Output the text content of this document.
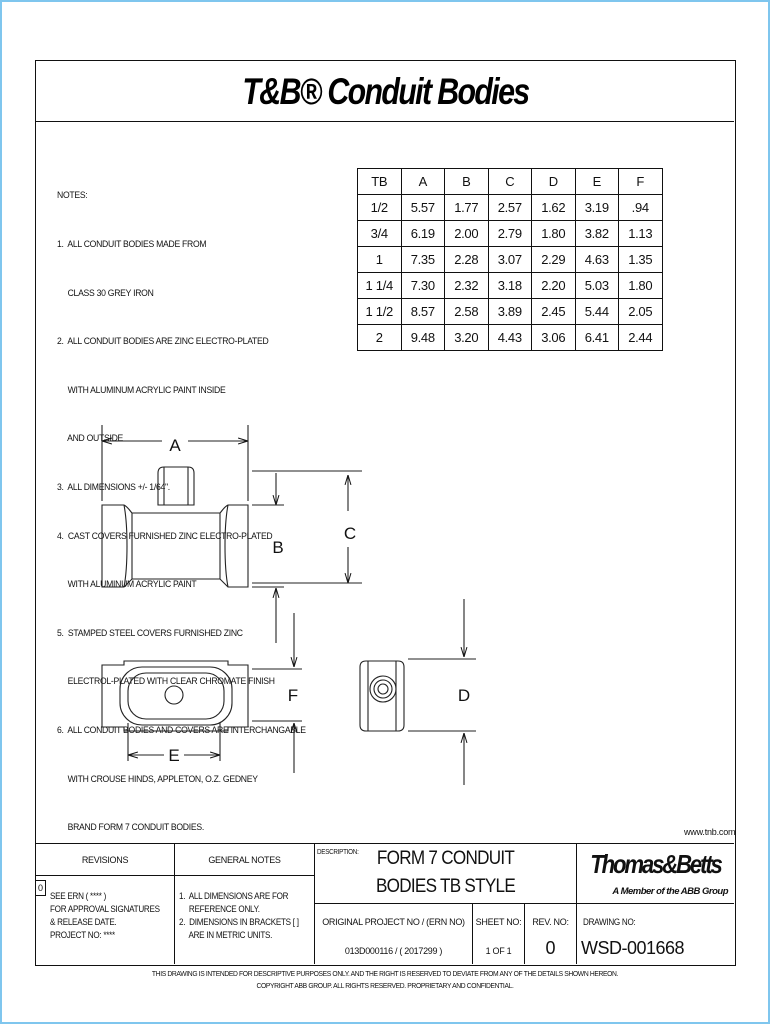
T&B® Conduit Bodies

NOTES:

1.  ALL CONDUIT BODIES MADE FROM

CLASS 30 GREY IRON

2.  ALL CONDUIT BODIES ARE ZINC ELECTRO-PLATED

WITH ALUMINUM ACRYLIC PAINT INSIDE

AND OUTSIDE

3.  ALL DIMENSIONS +/- 1/64".

4.  CAST COVERS FURNISHED ZINC ELECTRO-PLATED

WITH ALUMINUM ACRYLIC PAINT

5.  STAMPED STEEL COVERS FURNISHED ZINC

ELECTROL-PLATED WITH CLEAR CHROMATE FINISH

6.  ALL CONDUIT BODIES AND COVERS ARE INTERCHANGABLE

WITH CROUSE HINDS, APPLETON, O.Z. GEDNEY

BRAND FORM 7 CONDUIT BODIES.

TB	A	B	C	D	E	F
1/2	5.57	1.77	2.57	1.62	3.19	.94
3/4	6.19	2.00	2.79	1.80	3.82	1.13
1	7.35	2.28	3.07	2.29	4.63	1.35
1 1/4	7.30	2.32	3.18	2.20	5.03	1.80
1 1/2	8.57	2.58	3.89	2.45	5.44	2.05
2	9.48	3.20	4.43	3.06	6.41	2.44
A
B
C
D
E
F
www.tnb.com
REVISIONS	GENERAL NOTES
0
SEE ERN ( **** )
FOR APPROVAL SIGNATURES
& RELEASE DATE.
PROJECT NO: ****
1.  ALL DIMENSIONS ARE FOR
REFERENCE ONLY.
2.  DIMENSIONS IN BRACKETS [ ]
ARE IN METRIC UNITS.
DESCRIPTION: FORM 7 CONDUIT
BODIES TB STYLE
Thomas&Betts
A Member of the ABB Group
ORIGINAL PROJECT NO / (ERN NO)
013D000116 / ( 2017299 )
SHEET NO:
1 OF 1
REV. NO:
0
DRAWING NO:
WSD-001668
THIS DRAWING IS INTENDED FOR DESCRIPTIVE PURPOSES ONLY. AND THE RIGHT IS RESERVED TO DEVIATE FROM ANY OF THE DETAILS SHOWN HEREON.
COPYRIGHT ABB GROUP. ALL RIGHTS RESERVED. PROPRIETARY AND CONFIDENTIAL.
